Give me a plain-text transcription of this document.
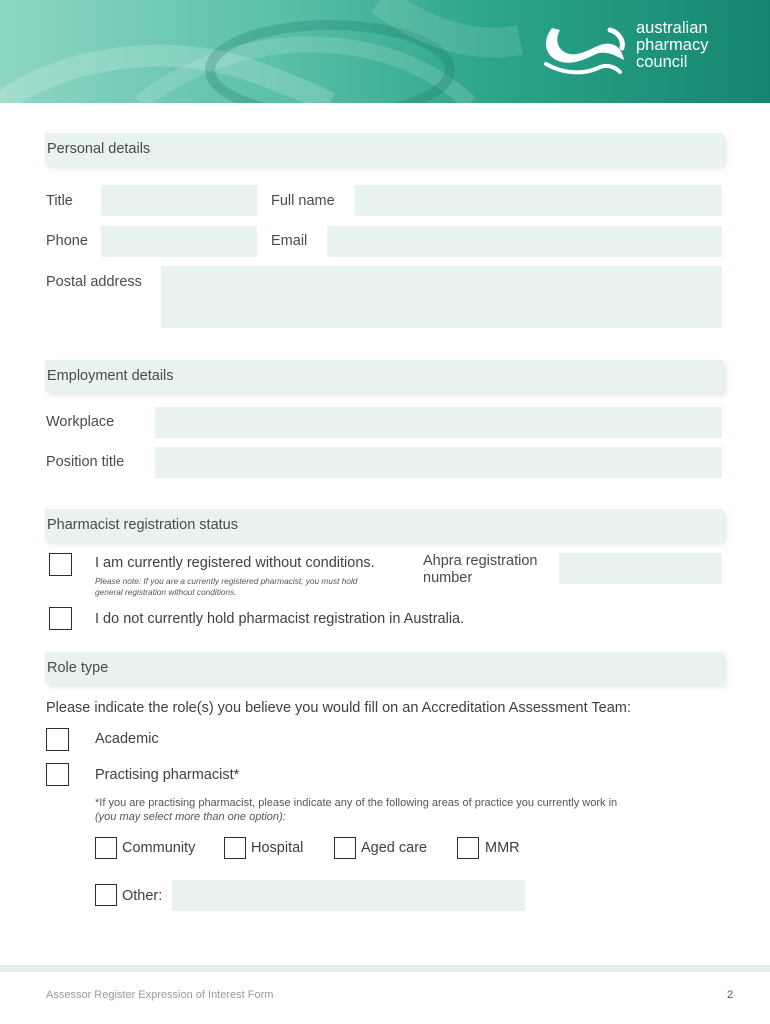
australian
pharmacy
council
Personal details
Title	Full name
Phone	Email
Postal address
Employment details
Workplace
Position title
Pharmacist registration status
I am currently registered without conditions.
Please note: If you are a currently registered pharmacist, you must hold
general registration without conditions.
Ahpra registration
number
I do not currently hold pharmacist registration in Australia.
Role type
Please indicate the role(s) you believe you would fill on an Accreditation Assessment Team:
Academic
Practising pharmacist*
*If you are practising pharmacist, please indicate any of the following areas of practice you currently work in
(you may select more than one option):
Community	Hospital	Aged care	MMR
Other:
Assessor Register Expression of Interest Form	2
